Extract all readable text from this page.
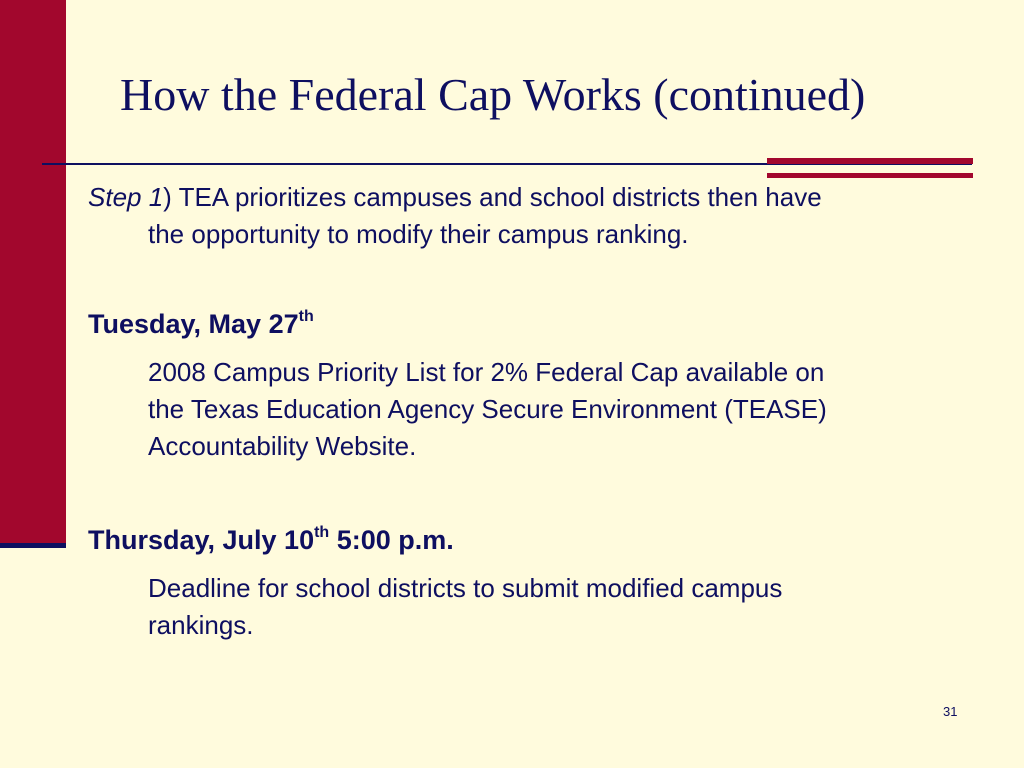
How the Federal Cap Works (continued)
Step 1) TEA prioritizes campuses and school districts then have
the opportunity to modify their campus ranking.
Tuesday, May 27th
2008 Campus Priority List for 2% Federal Cap available on
the Texas Education Agency Secure Environment (TEASE)
Accountability Website.
Thursday, July 10th 5:00 p.m.
Deadline for school districts to submit modified campus
rankings.
31
